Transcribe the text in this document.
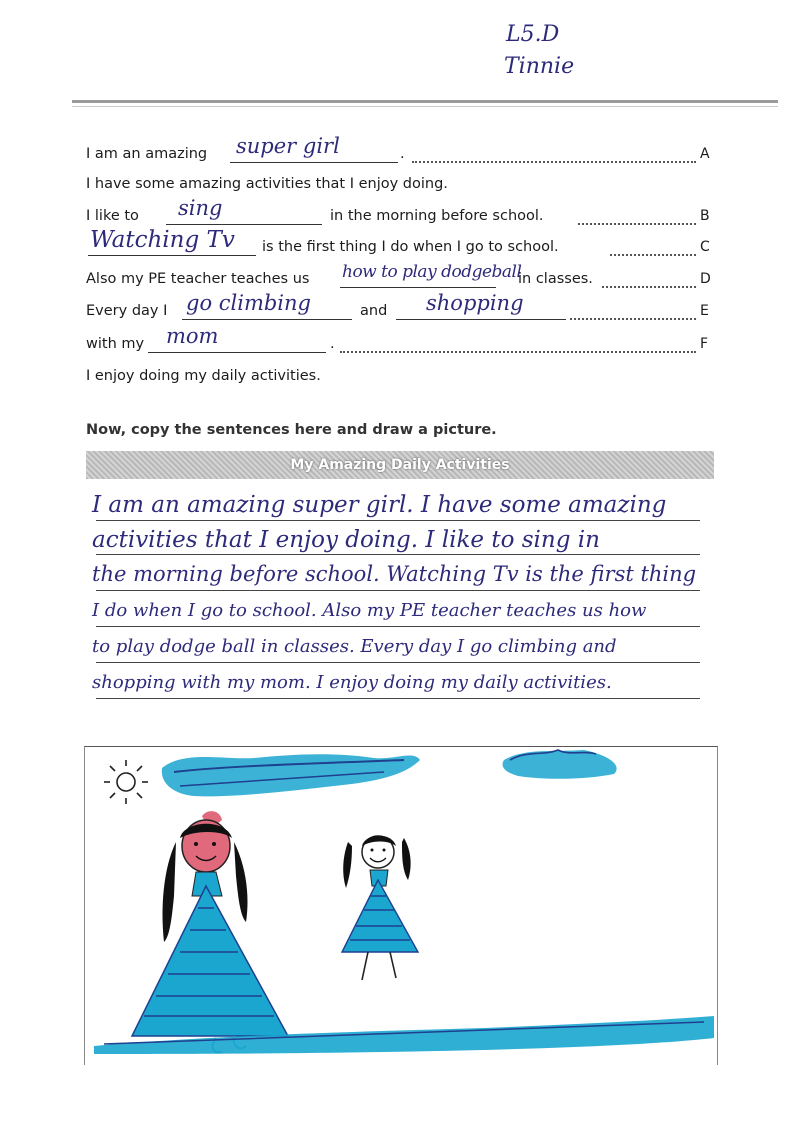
L5.D
Tinnie
I am an amazing super girl	.	A
I have some amazing activities that I enjoy doing.
I like to sing	in the morning before school.	B
Watching Tv is the first thing I do when I go to school.	C
Also my PE teacher teaches us how to play dodgeball
in classes.	D
Every day I go climbing	and shopping	E
with my mom	.	F
I enjoy doing my daily activities.
Now, copy the sentences here and draw a picture.
My Amazing Daily Activities
I am an amazing super girl. I have some amazing
activities that I enjoy doing. I like to sing in
the morning before school. Watching Tv is the first thing
I do when I go to school. Also my PE teacher teaches us how
to play dodge ball in classes. Every day I go climbing and
shopping with my mom. I enjoy doing my daily activities.
